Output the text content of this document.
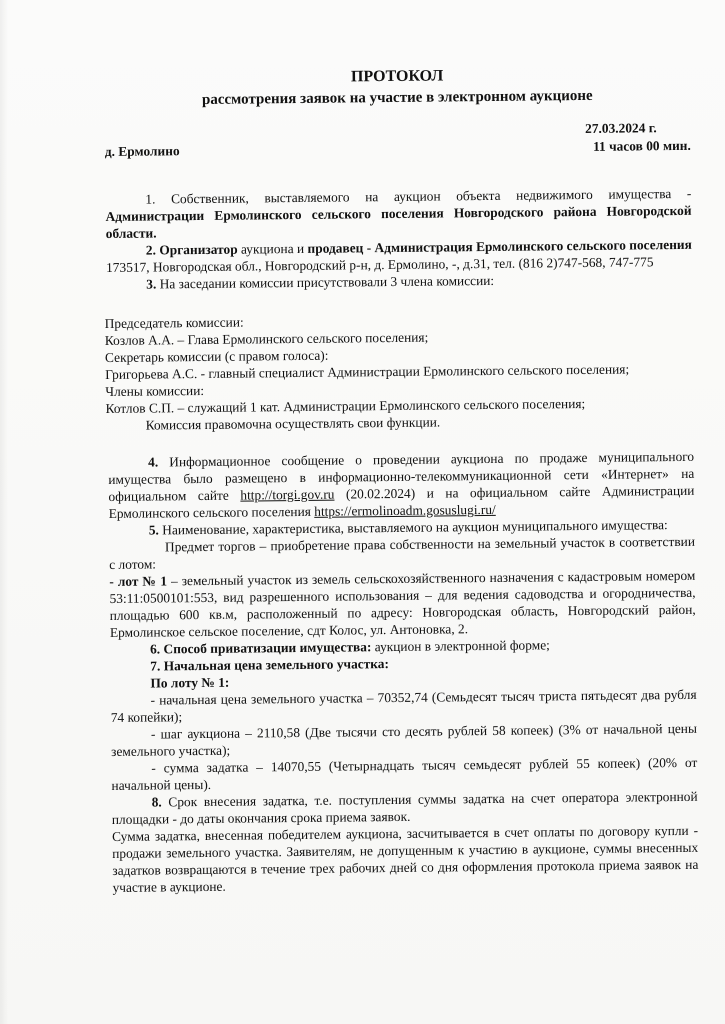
ПРОТОКОЛ

рассмотрения заявок на участие в электронном аукционе

27.03.2024 г.
д. Ермолино	11 часов 00 мин.

1. Собственник, выставляемого на аукцион объекта недвижимого имущества - Администрации Ермолинского сельского поселения Новгородского района Новгородской области.

2. Организатор аукциона и продавец - Администрация Ермолинского сельского поселения 173517, Новгородская обл., Новгородский р-н, д. Ермолино, -, д.31, тел. (816 2)747-568, 747-775

3. На заседании комиссии присутствовали 3 члена комиссии:

Председатель комиссии:

Козлов А.А. – Глава Ермолинского сельского поселения;

Секретарь комиссии (с правом голоса):

Григорьева А.С. - главный специалист Администрации Ермолинского сельского поселения;

Члены комиссии:

Котлов С.П. – служащий 1 кат. Администрации Ермолинского сельского поселения;

Комиссия правомочна осуществлять свои функции.

4. Информационное сообщение о проведении аукциона по продаже муниципального имущества было размещено в информационно-телекоммуникационной сети «Интернет» на официальном сайте http://torgi.gov.ru (20.02.2024) и на официальном сайте Администрации Ермолинского сельского поселения https://ermolinoadm.gosuslugi.ru/

5. Наименование, характеристика, выставляемого на аукцион муниципального имущества:

Предмет торгов – приобретение права собственности на земельный участок в соответствии с лотом:

- лот № 1 – земельный участок из земель сельскохозяйственного назначения с кадастровым номером 53:11:0500101:553, вид разрешенного использования – для ведения садоводства и огородничества, площадью 600 кв.м, расположенный по адресу: Новгородская область, Новгородский район, Ермолинское сельское поселение, сдт Колос, ул. Антоновка, 2.

6. Способ приватизации имущества: аукцион в электронной форме;

7. Начальная цена земельного участка:

По лоту № 1:

- начальная цена земельного участка – 70352,74 (Семьдесят тысяч триста пятьдесят два рубля 74 копейки);

- шаг аукциона – 2110,58 (Две тысячи сто десять рублей 58 копеек) (3% от начальной цены земельного участка);

- сумма задатка – 14070,55 (Четырнадцать тысяч семьдесят рублей 55 копеек) (20% от начальной цены).

8. Срок внесения задатка, т.е. поступления суммы задатка на счет оператора электронной площадки - до даты окончания срока приема заявок.

Сумма задатка, внесенная победителем аукциона, засчитывается в счет оплаты по договору купли - продажи земельного участка. Заявителям, не допущенным к участию в аукционе, суммы внесенных задатков возвращаются в течение трех рабочих дней со дня оформления протокола приема заявок на участие в аукционе.
